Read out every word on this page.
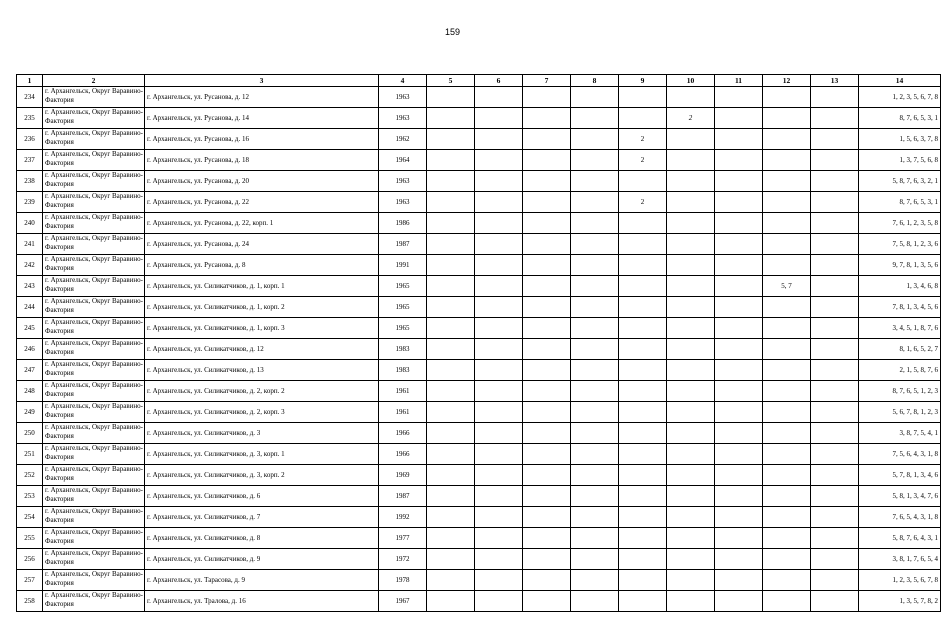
159
1	2	3	4	5	6	7	8	9	10	11	12	13	14
234	г. Архангельск, Округ Варавино-Фактория	г. Архангельск, ул. Русанова, д. 12	1963										1, 2, 3, 5, 6, 7, 8
235	г. Архангельск, Округ Варавино-Фактория	г. Архангельск, ул. Русанова, д. 14	1963						2				8, 7, 6, 5, 3, 1
236	г. Архангельск, Округ Варавино-Фактория	г. Архангельск, ул. Русанова, д. 16	1962					2					1, 5, 6, 3, 7, 8
237	г. Архангельск, Округ Варавино-Фактория	г. Архангельск, ул. Русанова, д. 18	1964					2					1, 3, 7, 5, 6, 8
238	г. Архангельск, Округ Варавино-Фактория	г. Архангельск, ул. Русанова, д. 20	1963										5, 8, 7, 6, 3, 2, 1
239	г. Архангельск, Округ Варавино-Фактория	г. Архангельск, ул. Русанова, д. 22	1963					2					8, 7, 6, 5, 3, 1
240	г. Архангельск, Округ Варавино-Фактория	г. Архангельск, ул. Русанова, д. 22, корп. 1	1986										7, 6, 1, 2, 3, 5, 8
241	г. Архангельск, Округ Варавино-Фактория	г. Архангельск, ул. Русанова, д. 24	1987										7, 5, 8, 1, 2, 3, 6
242	г. Архангельск, Округ Варавино-Фактория	г. Архангельск, ул. Русанова, д. 8	1991										9, 7, 8, 1, 3, 5, 6
243	г. Архангельск, Округ Варавино-Фактория	г. Архангельск, ул. Силикатчиков, д. 1, корп. 1	1965								5, 7		1, 3, 4, 6, 8
244	г. Архангельск, Округ Варавино-Фактория	г. Архангельск, ул. Силикатчиков, д. 1, корп. 2	1965										7, 8, 1, 3, 4, 5, 6
245	г. Архангельск, Округ Варавино-Фактория	г. Архангельск, ул. Силикатчиков, д. 1, корп. 3	1965										3, 4, 5, 1, 8, 7, 6
246	г. Архангельск, Округ Варавино-Фактория	г. Архангельск, ул. Силикатчиков, д. 12	1983										8, 1, 6, 5, 2, 7
247	г. Архангельск, Округ Варавино-Фактория	г. Архангельск, ул. Силикатчиков, д. 13	1983										2, 1, 5, 8, 7, 6
248	г. Архангельск, Округ Варавино-Фактория	г. Архангельск, ул. Силикатчиков, д. 2, корп. 2	1961										8, 7, 6, 5, 1, 2, 3
249	г. Архангельск, Округ Варавино-Фактория	г. Архангельск, ул. Силикатчиков, д. 2, корп. 3	1961										5, 6, 7, 8, 1, 2, 3
250	г. Архангельск, Округ Варавино-Фактория	г. Архангельск, ул. Силикатчиков, д. 3	1966										3, 8, 7, 5, 4, 1
251	г. Архангельск, Округ Варавино-Фактория	г. Архангельск, ул. Силикатчиков, д. 3, корп. 1	1966										7, 5, 6, 4, 3, 1, 8
252	г. Архангельск, Округ Варавино-Фактория	г. Архангельск, ул. Силикатчиков, д. 3, корп. 2	1969										5, 7, 8, 1, 3, 4, 6
253	г. Архангельск, Округ Варавино-Фактория	г. Архангельск, ул. Силикатчиков, д. 6	1987										5, 8, 1, 3, 4, 7, 6
254	г. Архангельск, Округ Варавино-Фактория	г. Архангельск, ул. Силикатчиков, д. 7	1992										7, 6, 5, 4, 3, 1, 8
255	г. Архангельск, Округ Варавино-Фактория	г. Архангельск, ул. Силикатчиков, д. 8	1977										5, 8, 7, 6, 4, 3, 1
256	г. Архангельск, Округ Варавино-Фактория	г. Архангельск, ул. Силикатчиков, д. 9	1972										3, 8, 1, 7, 6, 5, 4
257	г. Архангельск, Округ Варавино-Фактория	г. Архангельск, ул. Тарасова, д. 9	1978										1, 2, 3, 5, 6, 7, 8
258	г. Архангельск, Округ Варавино-Фактория	г. Архангельск, ул. Тралова, д. 16	1967										1, 3, 5, 7, 8, 2
